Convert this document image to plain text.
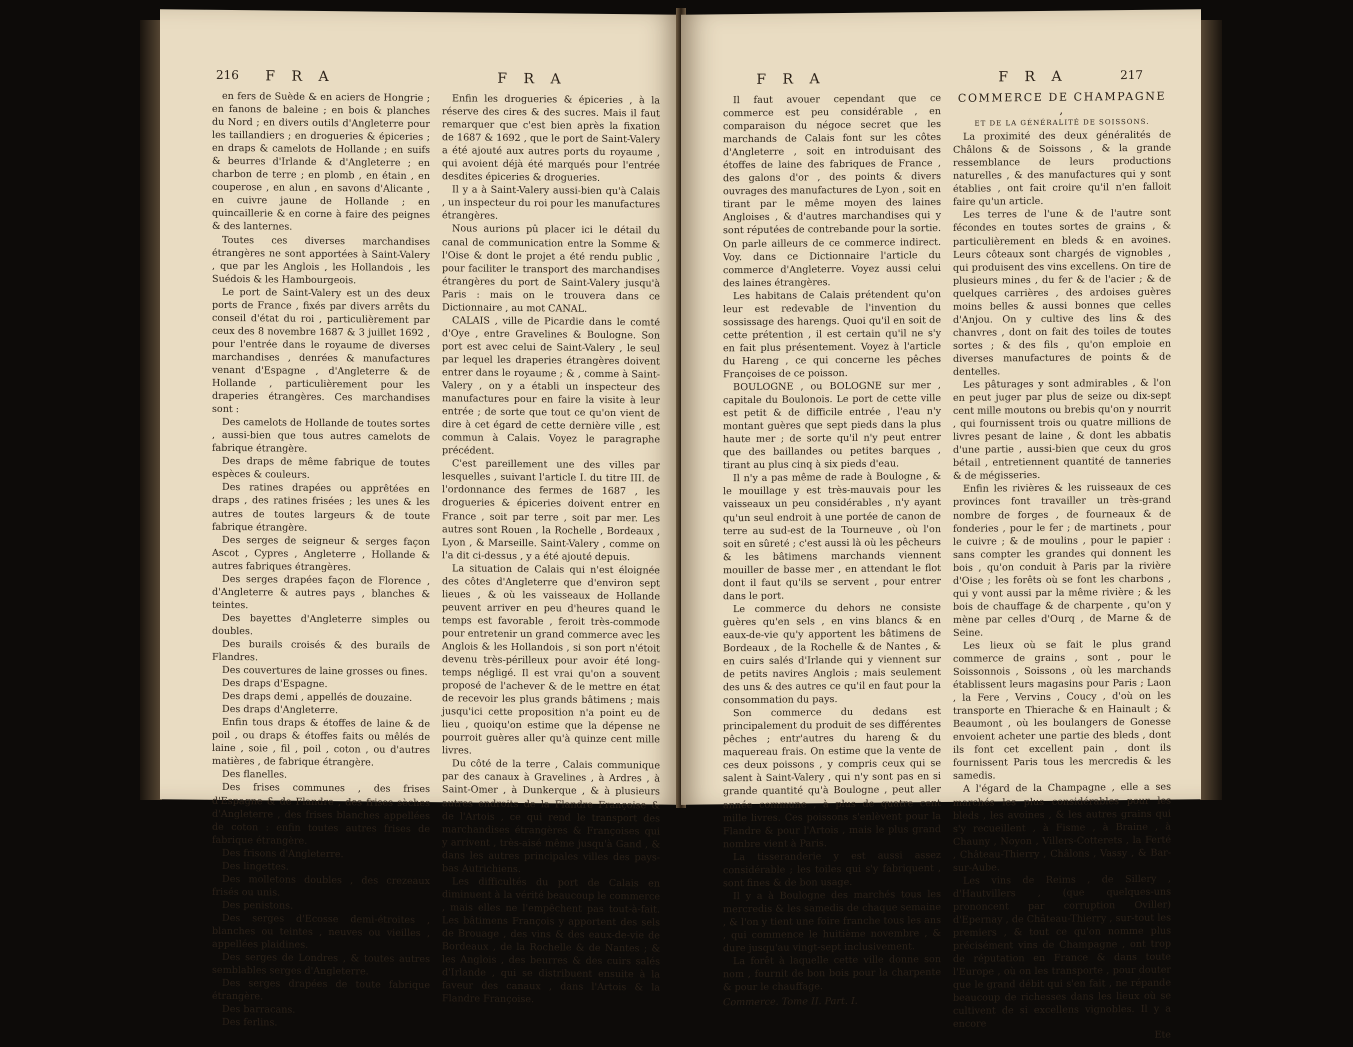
216	F R A	F R A

en fers de Suède & en aciers de Hongrie ; en fanons de baleine ; en bois & planches du Nord ; en divers outils d'Angleterre pour les taillandiers ; en drogueries & épiceries ; en draps & camelots de Hollande ; en suifs & beurres d'Irlande & d'Angleterre ; en charbon de terre ; en plomb , en étain , en couperose , en alun , en savons d'Alicante , en cuivre jaune de Hollande ; en quincaillerie & en corne à faire des peignes & des lanternes.

Toutes ces diverses marchandises étrangères ne sont apportées à Saint-Valery , que par les Anglois , les Hollandois , les Suédois & les Hambourgeois.

Le port de Saint-Valery est un des deux ports de France , fixés par divers arrêts du conseil d'état du roi , particulièrement par ceux des 8 novembre 1687 & 3 juillet 1692 , pour l'entrée dans le royaume de diverses marchandises , denrées & manufactures venant d'Espagne , d'Angleterre & de Hollande , particulièrement pour les draperies étrangères. Ces marchandises sont :

Des camelots de Hollande de toutes sortes , aussi-bien que tous autres camelots de fabrique étrangère.

Des draps de même fabrique de toutes espèces & couleurs.

Des ratines drapées ou apprêtées en draps , des ratines frisées ; les unes & les autres de toutes largeurs & de toute fabrique étrangère.

Des serges de seigneur & serges façon Ascot , Cypres , Angleterre , Hollande & autres fabriques étrangères.

Des serges drapées façon de Florence , d'Angleterre & autres pays , blanches & teintes.

Des bayettes d'Angleterre simples ou doubles.

Des burails croisés & des burails de Flandres.

Des couvertures de laine grosses ou fines.

Des draps d'Espagne.

Des draps demi , appellés de douzaine.

Des draps d'Angleterre.

Enfin tous draps & étoffes de laine & de poil , ou draps & étoffes faits ou mêlés de laine , soie , fil , poil , coton , ou d'autres matières , de fabrique étrangère.

Des flanelles.

Des frises communes , des frises d'Espagne & de Flandre , des frises sèches d'Angleterre , des frises blanches appellées de coton : enfin toutes autres frises de fabrique étrangère.

Des frisons d'Angleterre.

Des lingettes.

Des molletons doubles , des crezeaux frisés ou unis.

Des penistons.

Des serges d'Ecosse demi-étroites , blanches ou teintes , neuves ou vieilles , appellées plaidines.

Des serges de Londres , & toutes autres semblables serges d'Angleterre.

Des serges drapées de toute fabrique étrangère.

Des barracans.

Des ferlins.

Enfin les drogueries & épiceries , à la réserve des cires & des sucres. Mais il faut remarquer que c'est bien après la fixation de 1687 & 1692 , que le port de Saint-Valery a été ajouté aux autres ports du royaume , qui avoient déjà été marqués pour l'entrée desdites épiceries & drogueries.

Il y a à Saint-Valery aussi-bien qu'à Calais , un inspecteur du roi pour les manufactures étrangères.

Nous aurions pû placer ici le détail du canal de communication entre la Somme & l'Oise & dont le projet a été rendu public , pour faciliter le transport des marchandises étrangères du port de Saint-Valery jusqu'à Paris : mais on le trouvera dans ce Dictionnaire , au mot CANAL.

CALAIS , ville de Picardie dans le comté d'Oye , entre Gravelines & Boulogne. Son port est avec celui de Saint-Valery , le seul par lequel les draperies étrangères doivent entrer dans le royaume ; & , comme à Saint-Valery , on y a établi un inspecteur des manufactures pour en faire la visite à leur entrée ; de sorte que tout ce qu'on vient de dire à cet égard de cette dernière ville , est commun à Calais. Voyez le paragraphe précédent.

C'est pareillement une des villes par lesquelles , suivant l'article I. du titre III. de l'ordonnance des fermes de 1687 , les drogueries & épiceries doivent entrer en France , soit par terre , soit par mer. Les autres sont Rouen , la Rochelle , Bordeaux , Lyon , & Marseille. Saint-Valery , comme on l'a dit ci-dessus , y a été ajouté depuis.

La situation de Calais qui n'est éloignée des côtes d'Angleterre que d'environ sept lieues , & où les vaisseaux de Hollande peuvent arriver en peu d'heures quand le temps est favorable , feroit très-commode pour entretenir un grand commerce avec les Anglois & les Hollandois , si son port n'étoit devenu très-périlleux pour avoir été long-temps négligé. Il est vrai qu'on a souvent proposé de l'achever & de le mettre en état de recevoir les plus grands bâtimens ; mais jusqu'ici cette proposition n'a point eu de lieu , quoiqu'on estime que la dépense ne pourroit guères aller qu'à quinze cent mille livres.

Du côté de la terre , Calais communique par des canaux à Gravelines , à Ardres , à Saint-Omer , à Dunkerque , & à plusieurs autres endroits de la Flandre Françoise & de l'Artois , ce qui rend le transport des marchandises étrangères & Françoises qui y arrivent , très-aisé même jusqu'à Gand , & dans les autres principales villes des pays-bas Autrichiens.

Les difficultés du port de Calais en diminuent à la vérité beaucoup le commerce , mais elles ne l'empêchent pas tout-à-fait. Les bâtimens François y apportent des sels de Brouage , des vins & des eaux-de-vie de Bordeaux , de la Rochelle & de Nantes ; & les Anglois , des beurres & des cuirs salés d'Irlande , qui se distribuent ensuite à la faveur des canaux , dans l'Artois & la Flandre Françoise.

F R A	F R A	217

Il faut avouer cependant que ce commerce est peu considérable , en comparaison du négoce secret que les marchands de Calais font sur les côtes d'Angleterre , soit en introduisant des étoffes de laine des fabriques de France , des galons d'or , des points & divers ouvrages des manufactures de Lyon , soit en tirant par le même moyen des laines Angloises , & d'autres marchandises qui y sont réputées de contrebande pour la sortie. On parle ailleurs de ce commerce indirect. Voy. dans ce Dictionnaire l'article du commerce d'Angleterre. Voyez aussi celui des laines étrangères.

Les habitans de Calais prétendent qu'on leur est redevable de l'invention du sossissage des harengs. Quoi qu'il en soit de cette prétention , il est certain qu'il ne s'y en fait plus présentement. Voyez à l'article du Hareng , ce qui concerne les pêches Françoises de ce poisson.

BOULOGNE , ou BOLOGNE sur mer , capitale du Boulonois. Le port de cette ville est petit & de difficile entrée , l'eau n'y montant guères que sept pieds dans la plus haute mer ; de sorte qu'il n'y peut entrer que des baillandes ou petites barques , tirant au plus cinq à six pieds d'eau.

Il n'y a pas même de rade à Boulogne , & le mouillage y est très-mauvais pour les vaisseaux un peu considérables , n'y ayant qu'un seul endroit à une portée de canon de terre au sud-est de la Tourneuve , où l'on soit en sûreté ; c'est aussi là où les pêcheurs & les bâtimens marchands viennent mouiller de basse mer , en attendant le flot dont il faut qu'ils se servent , pour entrer dans le port.

Le commerce du dehors ne consiste guères qu'en sels , en vins blancs & en eaux-de-vie qu'y apportent les bâtimens de Bordeaux , de la Rochelle & de Nantes , & en cuirs salés d'Irlande qui y viennent sur de petits navires Anglois ; mais seulement des uns & des autres ce qu'il en faut pour la consommation du pays.

Son commerce du dedans est principalement du produit de ses différentes pêches ; entr'autres du hareng & du maquereau frais. On estime que la vente de ces deux poissons , y compris ceux qui se salent à Saint-Valery , qui n'y sont pas en si grande quantité qu'à Boulogne , peut aller année commune , à plus de quatre cent mille livres. Ces poissons s'enlèvent pour la Flandre & pour l'Artois , mais le plus grand nombre vient à Paris.

La tisseranderie y est aussi assez considérable ; les toiles qui s'y fabriquent , sont fines & de bon usage.

Il y a à Boulogne des marchés tous les mercredis & les samedis de chaque semaine , & l'on y tient une foire franche tous les ans , qui commence le huitième novembre , & dure jusqu'au vingt-sept inclusivement.

La forêt à laquelle cette ville donne son nom , fournit de bon bois pour la charpente & pour le chauffage.

Commerce. Tome II. Part. I.

COMMERCE DE CHAMPAGNE ,

ET DE LA GÉNÉRALITÉ DE SOISSONS.

La proximité des deux généralités de Châlons & de Soissons , & la grande ressemblance de leurs productions naturelles , & des manufactures qui y sont établies , ont fait croire qu'il n'en falloit faire qu'un article.

Les terres de l'une & de l'autre sont fécondes en toutes sortes de grains , & particulièrement en bleds & en avoines. Leurs côteaux sont chargés de vignobles , qui produisent des vins excellens. On tire de plusieurs mines , du fer & de l'acier ; & de quelques carrières , des ardoises guères moins belles & aussi bonnes que celles d'Anjou. On y cultive des lins & des chanvres , dont on fait des toiles de toutes sortes ; & des fils , qu'on emploie en diverses manufactures de points & de dentelles.

Les pâturages y sont admirables , & l'on en peut juger par plus de seize ou dix-sept cent mille moutons ou brebis qu'on y nourrit , qui fournissent trois ou quatre millions de livres pesant de laine , & dont les abbatis d'une partie , aussi-bien que ceux du gros bétail , entretiennent quantité de tanneries & de mégisseries.

Enfin les rivières & les ruisseaux de ces provinces font travailler un très-grand nombre de forges , de fourneaux & de fonderies , pour le fer ; de martinets , pour le cuivre ; & de moulins , pour le papier : sans compter les grandes qui donnent les bois , qu'on conduit à Paris par la rivière d'Oise ; les forêts où se font les charbons , qui y vont aussi par la même rivière ; & les bois de chauffage & de charpente , qu'on y mène par celles d'Ourq , de Marne & de Seine.

Les lieux où se fait le plus grand commerce de grains , sont , pour le Soissonnois , Soissons , où les marchands établissent leurs magasins pour Paris ; Laon , la Fere , Vervins , Coucy , d'où on les transporte en Thierache & en Hainault ; & Beaumont , où les boulangers de Gonesse envoient acheter une partie des bleds , dont ils font cet excellent pain , dont ils fournissent Paris tous les mercredis & les samedis.

A l'égard de la Champagne , elle a ses marchés les plus considérables pour les bleds , les avoines , & les autres grains qui s'y recueillent , à Fisme , à Braine , à Chauny , Noyon , Villers-Cotterets , la Ferté , Château-Thierry , Châlons , Vassy , & Bar-sur-Aube.

Les vins de Reims , de Sillery , d'Hautvillers , (que quelques-uns prononcent par corruption Oviller) d'Epernay , de Château-Thierry , sur-tout les premiers , & tout ce qu'on nomme plus précisément vins de Champagne , ont trop de réputation en France & dans toute l'Europe , où on les transporte , pour douter que le grand débit qui s'en fait , ne répande beaucoup de richesses dans les lieux où se cultivent de si excellens vignobles. Il y a encore

Ete
